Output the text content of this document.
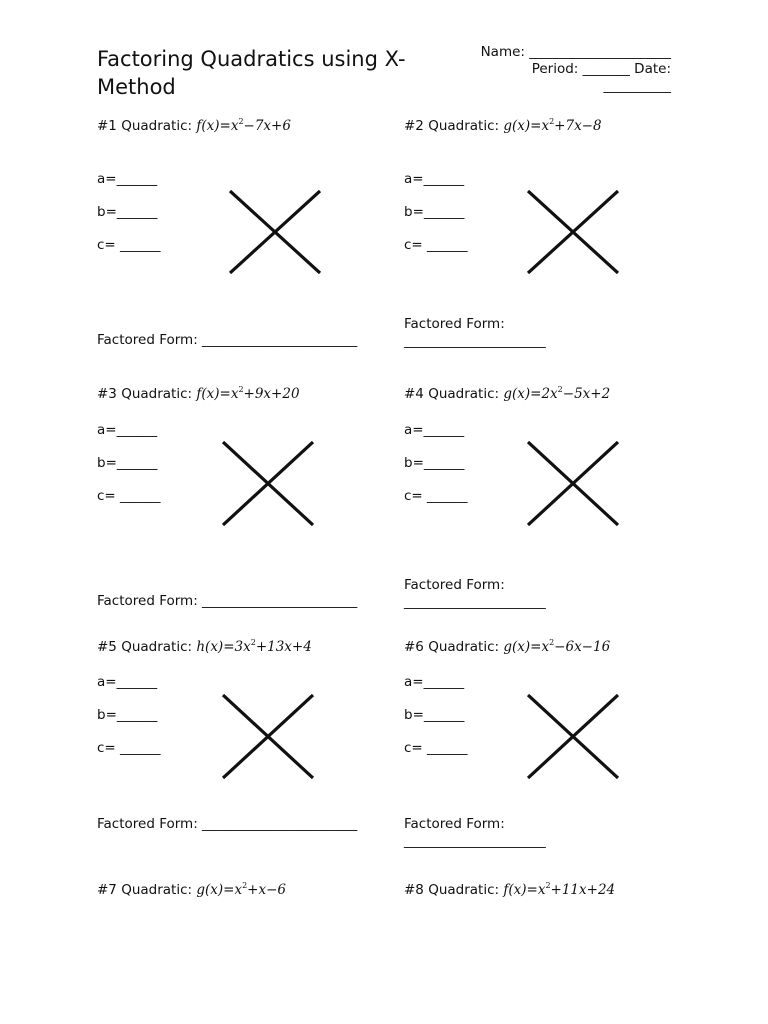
Factoring Quadratics using X-Method
Name: _____________________
Period: _______ Date:
__________
#1 Quadratic: $f(x)=x^2-7x+6$
a=______
b=______
c= ______
Factored Form: _______________________
#2 Quadratic: $g(x)=x^2+7x-8$
a=______
b=______
c= ______
Factored Form:
_____________________
#3 Quadratic: $f(x)=x^2+9x+20$
a=______
b=______
c= ______
Factored Form: _______________________
#4 Quadratic: $g(x)=2x^2-5x+2$
a=______
b=______
c= ______
Factored Form:
_____________________
#5 Quadratic: $h(x)=3x^2+13x+4$
a=______
b=______
c= ______
Factored Form: _______________________
#6 Quadratic: $g(x)=x^2-6x-16$
a=______
b=______
c= ______
Factored Form:
_____________________
#7 Quadratic: $g(x)=x^2+x-6$	#8 Quadratic: $f(x)=x^2+11x+24$
